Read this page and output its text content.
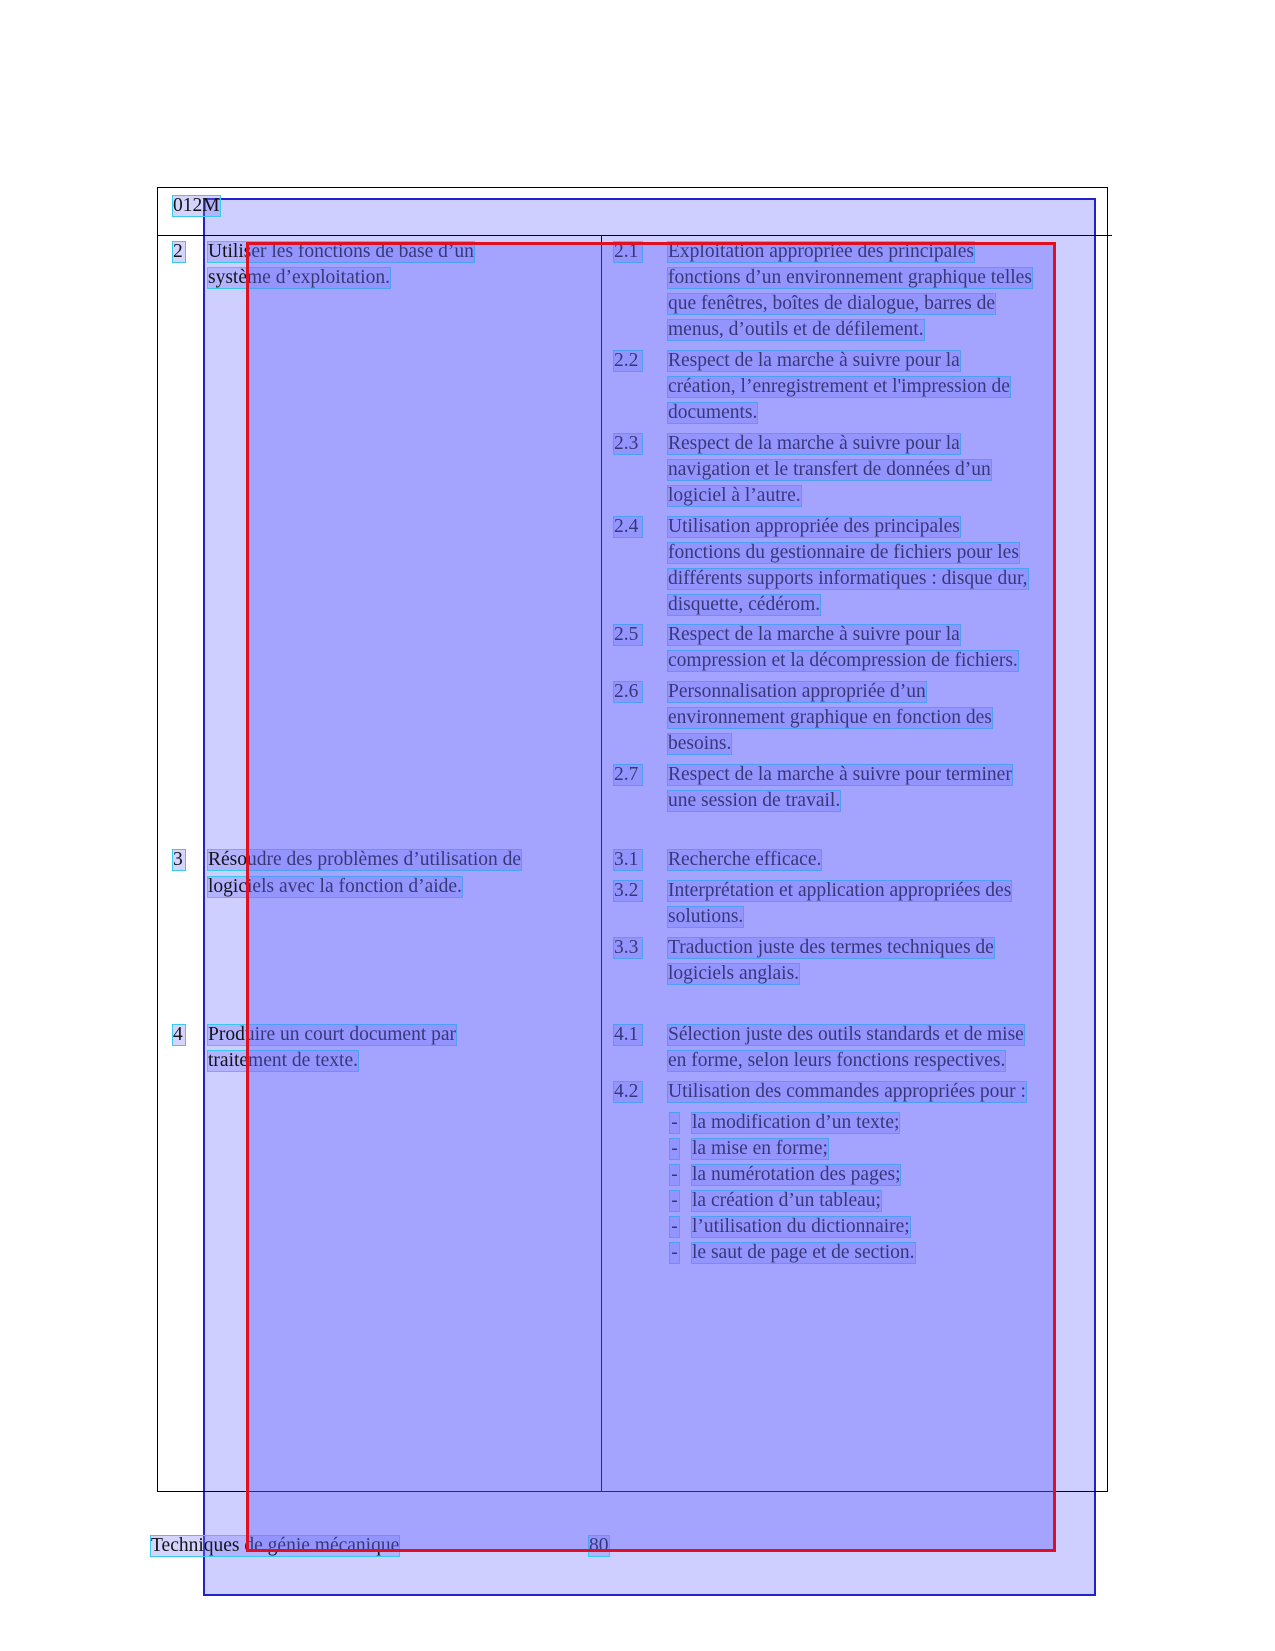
012M
2 Utiliser les fonctions de base d’un
système d’exploitation.
2.1 Exploitation appropriée des principales
fonctions d’un environnement graphique telles
que fenêtres, boîtes de dialogue, barres de
menus, d’outils et de défilement.
2.2 Respect de la marche à suivre pour la
création, l’enregistrement et l'impression de
documents.
2.3 Respect de la marche à suivre pour la
navigation et le transfert de données d’un
logiciel à l’autre.
2.4 Utilisation appropriée des principales
fonctions du gestionnaire de fichiers pour les
différents supports informatiques : disque dur,
disquette, cédérom.
2.5 Respect de la marche à suivre pour la
compression et la décompression de fichiers.
2.6 Personnalisation appropriée d’un
environnement graphique en fonction des
besoins.
2.7 Respect de la marche à suivre pour terminer
une session de travail.
3 Résoudre des problèmes d’utilisation de
logiciels avec la fonction d’aide.
3.1 Recherche efficace.
3.2 Interprétation et application appropriées des
solutions.
3.3 Traduction juste des termes techniques de
logiciels anglais.
4 Produire un court document par
traitement de texte.
4.1 Sélection juste des outils standards et de mise
en forme, selon leurs fonctions respectives.
4.2 Utilisation des commandes appropriées pour :
- la modification d’un texte;
- la mise en forme;
- la numérotation des pages;
- la création d’un tableau;
- l’utilisation du dictionnaire;
- le saut de page et de section.
Techniques de génie mécanique	80
